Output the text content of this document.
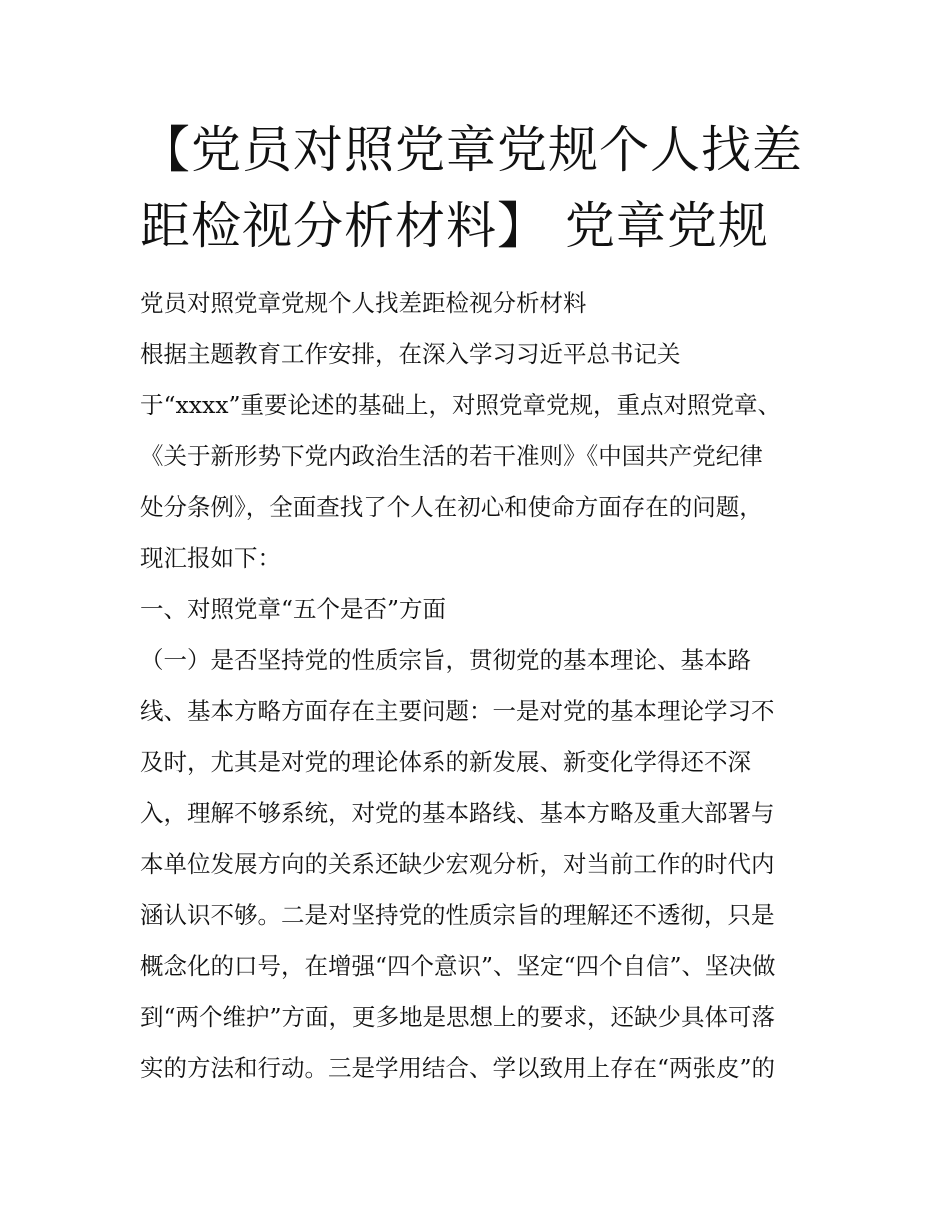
【党员对照党章党规个人找差
距检视分析材料】 党章党规
党员对照党章党规个人找差距检视分析材料
根据主题教育工作安排，在深入学习习近平总书记关
于“xxxx”重要论述的基础上，对照党章党规，重点对照党章、
《关于新形势下党内政治生活的若干准则》《中国共产党纪律
处分条例》，全面查找了个人在初心和使命方面存在的问题，
现汇报如下：
一、对照党章“五个是否”方面
（一）是否坚持党的性质宗旨，贯彻党的基本理论、基本路
线、基本方略方面存在主要问题：一是对党的基本理论学习不
及时，尤其是对党的理论体系的新发展、新变化学得还不深
入，理解不够系统，对党的基本路线、基本方略及重大部署与
本单位发展方向的关系还缺少宏观分析，对当前工作的时代内
涵认识不够。二是对坚持党的性质宗旨的理解还不透彻，只是
概念化的口号，在增强“四个意识”、坚定“四个自信”、坚决做
到“两个维护”方面，更多地是思想上的要求，还缺少具体可落
实的方法和行动。三是学用结合、学以致用上存在“两张皮”的
